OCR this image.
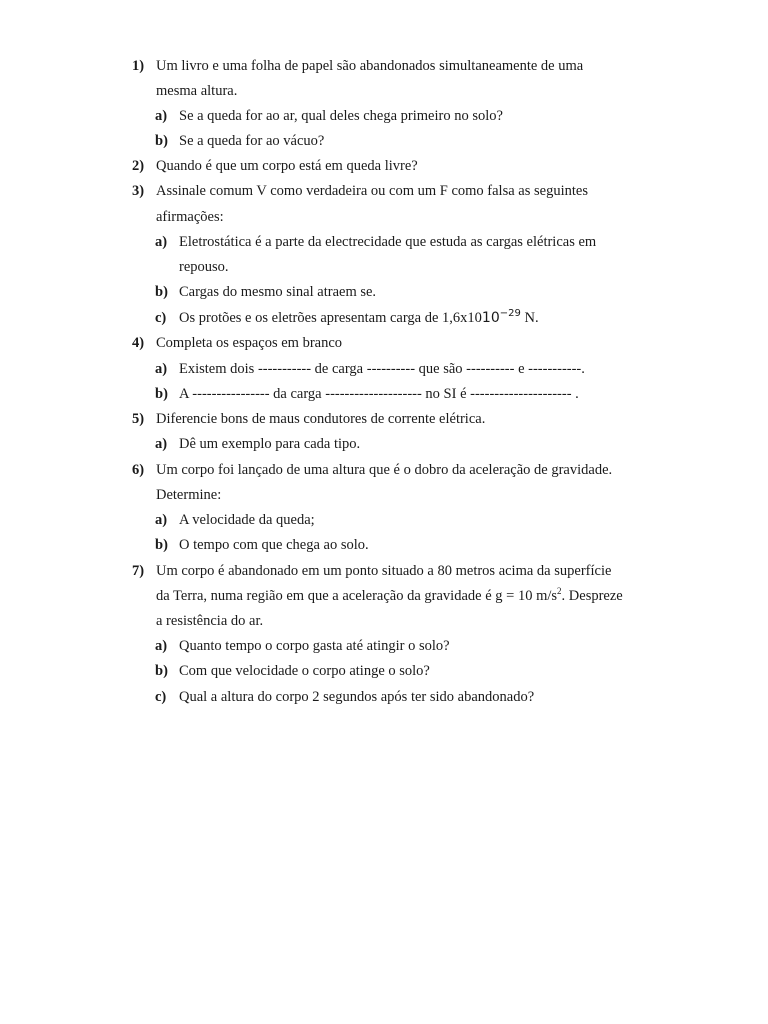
1) Um livro e uma folha de papel são abandonados simultaneamente de uma
mesma altura.
a) Se a queda for ao ar, qual deles chega primeiro no solo?
b) Se a queda for ao vácuo?
2) Quando é que um corpo está em queda livre?
3) Assinale comum V como verdadeira ou com um F como falsa as seguintes
afirmações:
a) Eletrostática é a parte da electrecidade que estuda as cargas elétricas em
repouso.
b) Cargas do mesmo sinal atraem se.
c) Os protões e os eletrões apresentam carga de $1,6x1010^{-29}$ N.
4) Completa os espaços em branco
a) Existem dois ----------- de carga ---------- que são ---------- e -----------.
b) A ---------------- da carga -------------------- no SI é --------------------- .
5) Diferencie bons de maus condutores de corrente elétrica.
a) Dê um exemplo para cada tipo.
6) Um corpo foi lançado de uma altura que é o dobro da aceleração de gravidade.
Determine:
a) A velocidade da queda;
b) O tempo com que chega ao solo.
7) Um corpo é abandonado em um ponto situado a 80 metros acima da superfície
da Terra, numa região em que a aceleração da gravidade é g = 10 $m/s^2$. Despreze
a resistência do ar.
a) Quanto tempo o corpo gasta até atingir o solo?
b) Com que velocidade o corpo atinge o solo?
c) Qual a altura do corpo 2 segundos após ter sido abandonado?
